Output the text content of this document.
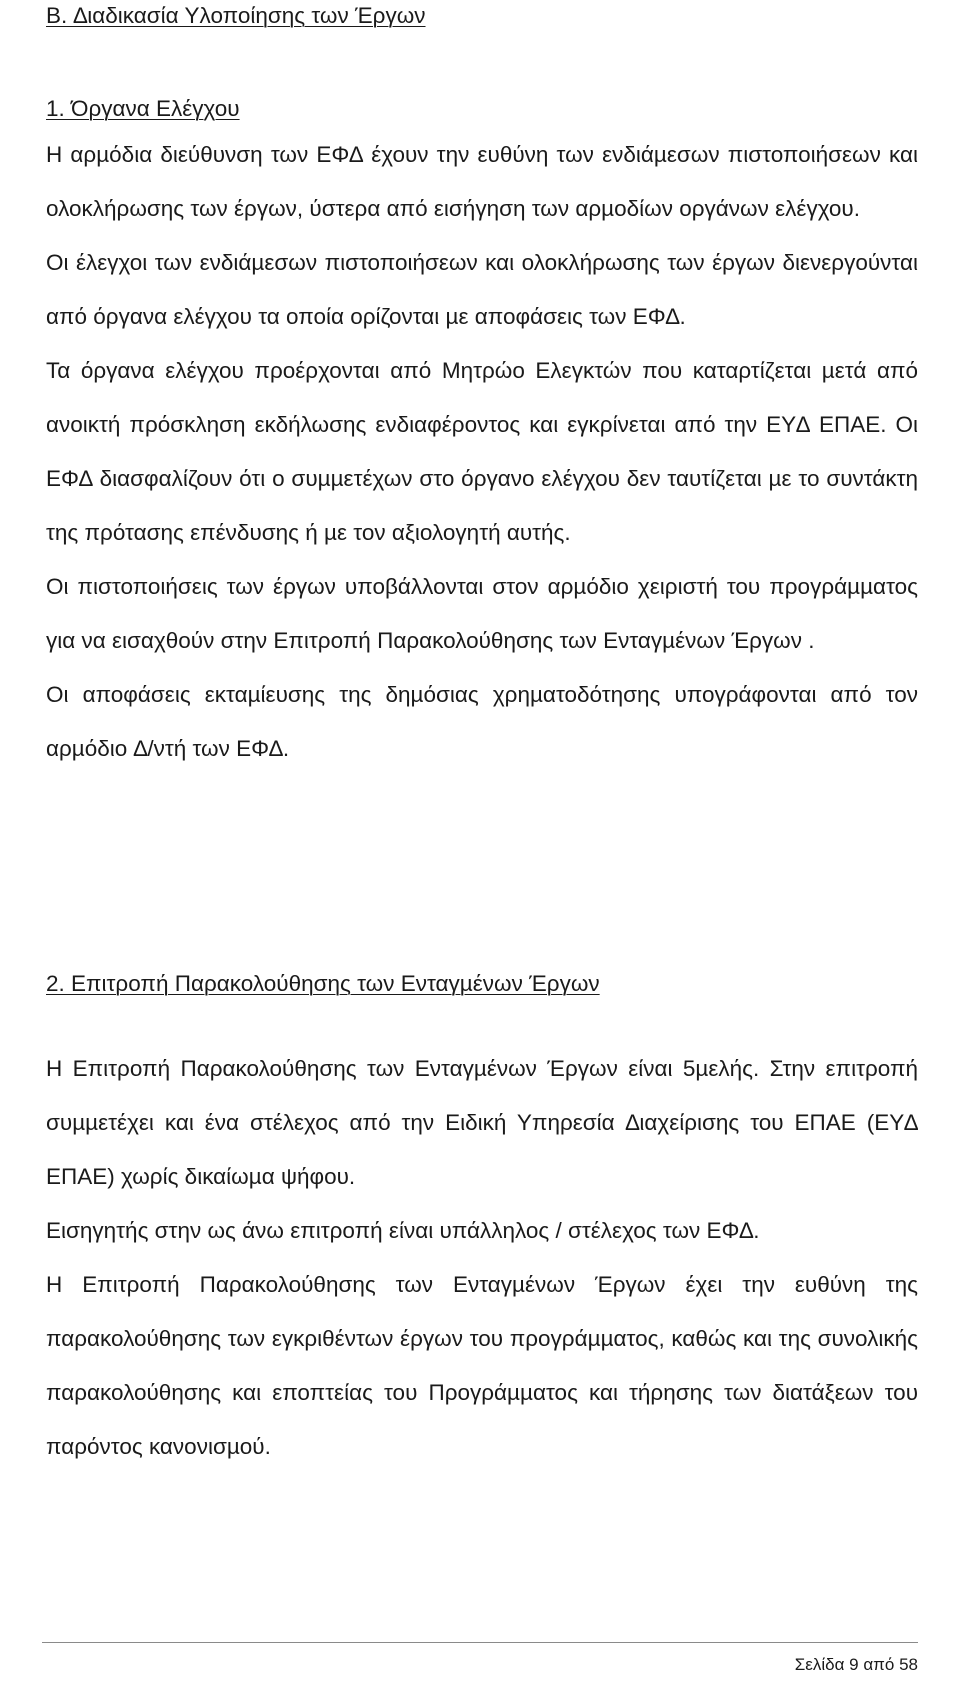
Β. ∆ιαδικασία Υλοποίησης των Έργων
1. Όργανα Ελέγχου

Η αρµόδια διεύθυνση των ΕΦ∆ έχουν την ευθύνη των ενδιάµεσων πιστοποιήσεων και ολοκλήρωσης των έργων, ύστερα από εισήγηση των αρµοδίων οργάνων ελέγχου.

Οι έλεγχοι των ενδιάµεσων πιστοποιήσεων και ολοκλήρωσης των έργων διενεργούνται από όργανα ελέγχου τα οποία ορίζονται µε αποφάσεις των ΕΦ∆.

Τα όργανα ελέγχου προέρχονται από Μητρώο Ελεγκτών που καταρτίζεται µετά από ανοικτή πρόσκληση εκδήλωσης ενδιαφέροντος και εγκρίνεται από την ΕΥ∆ ΕΠΑΕ. Οι ΕΦ∆ διασφαλίζουν ότι ο συµµετέχων στο όργανο ελέγχου δεν ταυτίζεται µε το συντάκτη της πρότασης επένδυσης ή µε τον αξιολογητή αυτής.

Οι πιστοποιήσεις των έργων υποβάλλονται στον αρµόδιο χειριστή του προγράµµατος για να εισαχθούν στην Επιτροπή Παρακολούθησης των Ενταγµένων Έργων .

Οι αποφάσεις εκταµίευσης της δηµόσιας χρηµατοδότησης υπογράφονται από τον αρµόδιο ∆/ντή των ΕΦ∆.

2. Επιτροπή Παρακολούθησης των Ενταγµένων Έργων

Η Επιτροπή Παρακολούθησης των Ενταγµένων Έργων είναι 5µελής. Στην επιτροπή συµµετέχει και ένα στέλεχος από την Ειδική Υπηρεσία ∆ιαχείρισης του ΕΠΑΕ (ΕΥ∆ ΕΠΑΕ) χωρίς δικαίωµα ψήφου.

Εισηγητής στην ως άνω επιτροπή είναι υπάλληλος / στέλεχος των ΕΦ∆.

Η Επιτροπή Παρακολούθησης των Ενταγµένων Έργων έχει την ευθύνη της παρακολούθησης των εγκριθέντων έργων του προγράµµατος, καθώς και της συνολικής παρακολούθησης και εποπτείας του Προγράµµατος και τήρησης των διατάξεων του παρόντος κανονισµού.

Σελίδα 9 από 58
